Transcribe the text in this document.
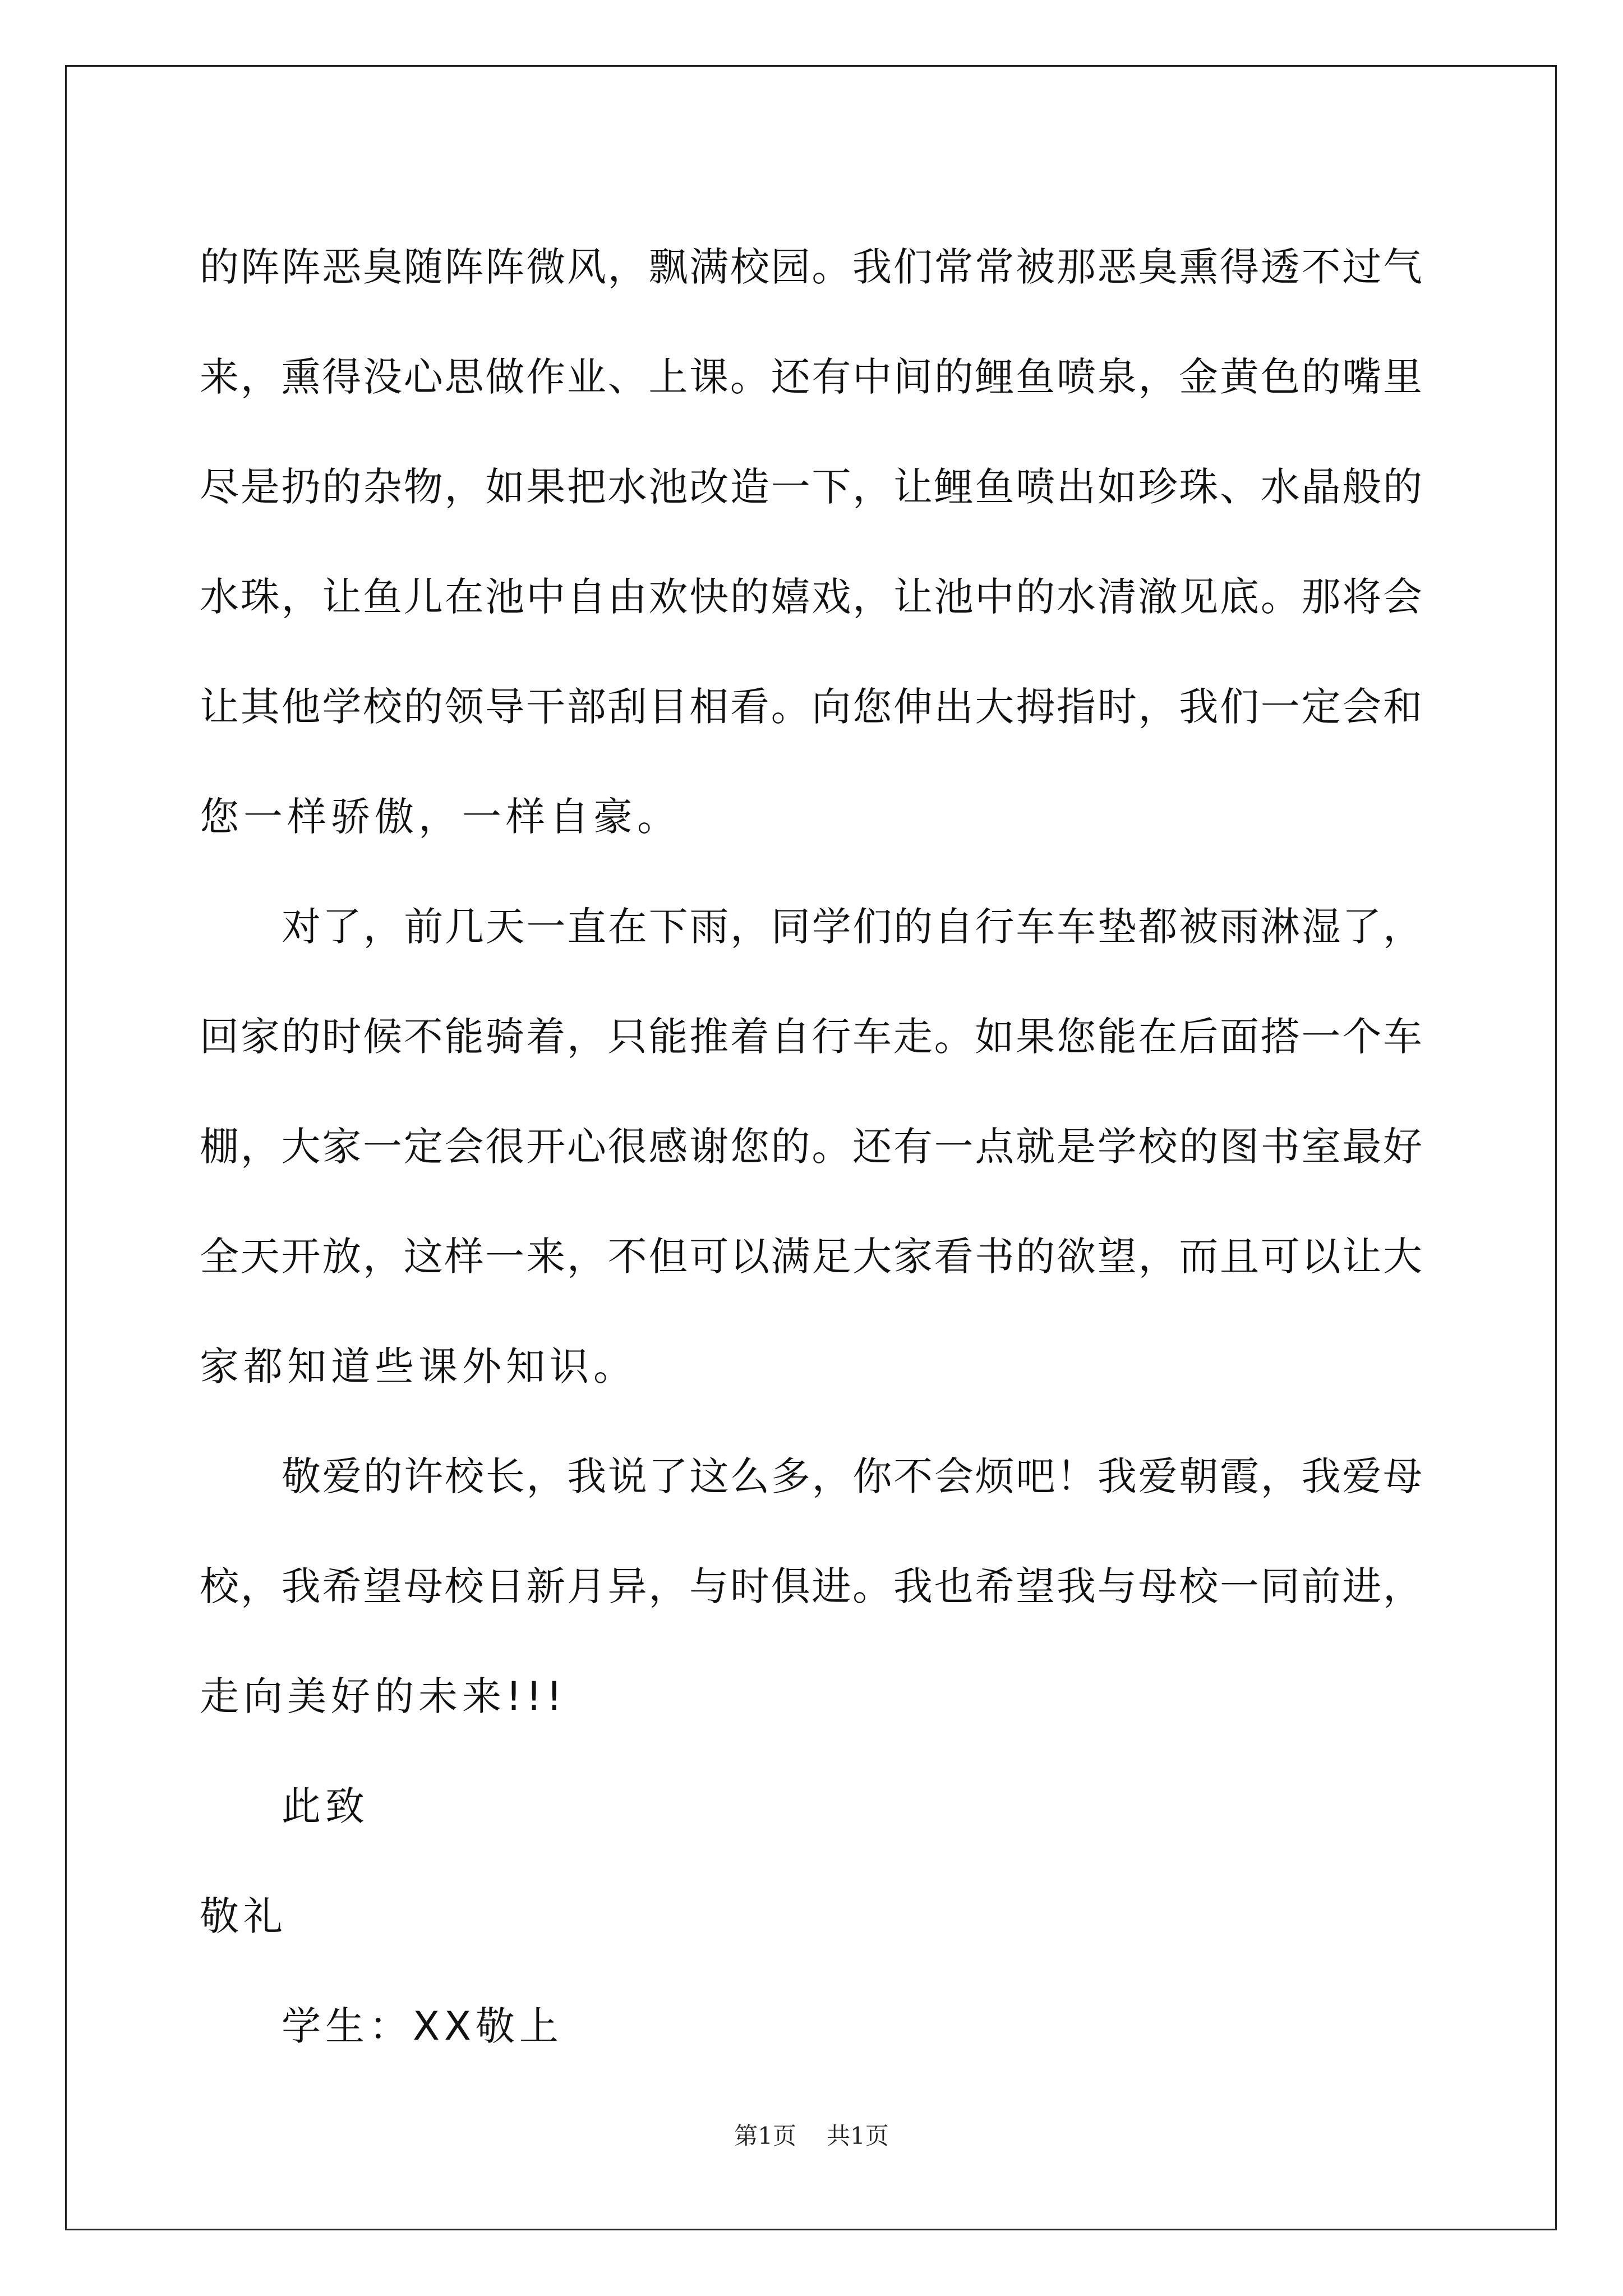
的阵阵恶臭随阵阵微风，飘满校园。我们常常被那恶臭熏得透不过气
来，熏得没心思做作业、上课。还有中间的鲤鱼喷泉，金黄色的嘴里
尽是扔的杂物，如果把水池改造一下，让鲤鱼喷出如珍珠、水晶般的
水珠，让鱼儿在池中自由欢快的嬉戏，让池中的水清澈见底。那将会
让其他学校的领导干部刮目相看。向您伸出大拇指时，我们一定会和
您一样骄傲，一样自豪。
对了，前几天一直在下雨，同学们的自行车车垫都被雨淋湿了，
回家的时候不能骑着，只能推着自行车走。如果您能在后面搭一个车
棚，大家一定会很开心很感谢您的。还有一点就是学校的图书室最好
全天开放，这样一来，不但可以满足大家看书的欲望，而且可以让大
家都知道些课外知识。
敬爱的许校长，我说了这么多，你不会烦吧！我爱朝霞，我爱母
校，我希望母校日新月异，与时俱进。我也希望我与母校一同前进，
走向美好的未来!!!
此致
敬礼
学生：XX敬上
第1页 共1页
